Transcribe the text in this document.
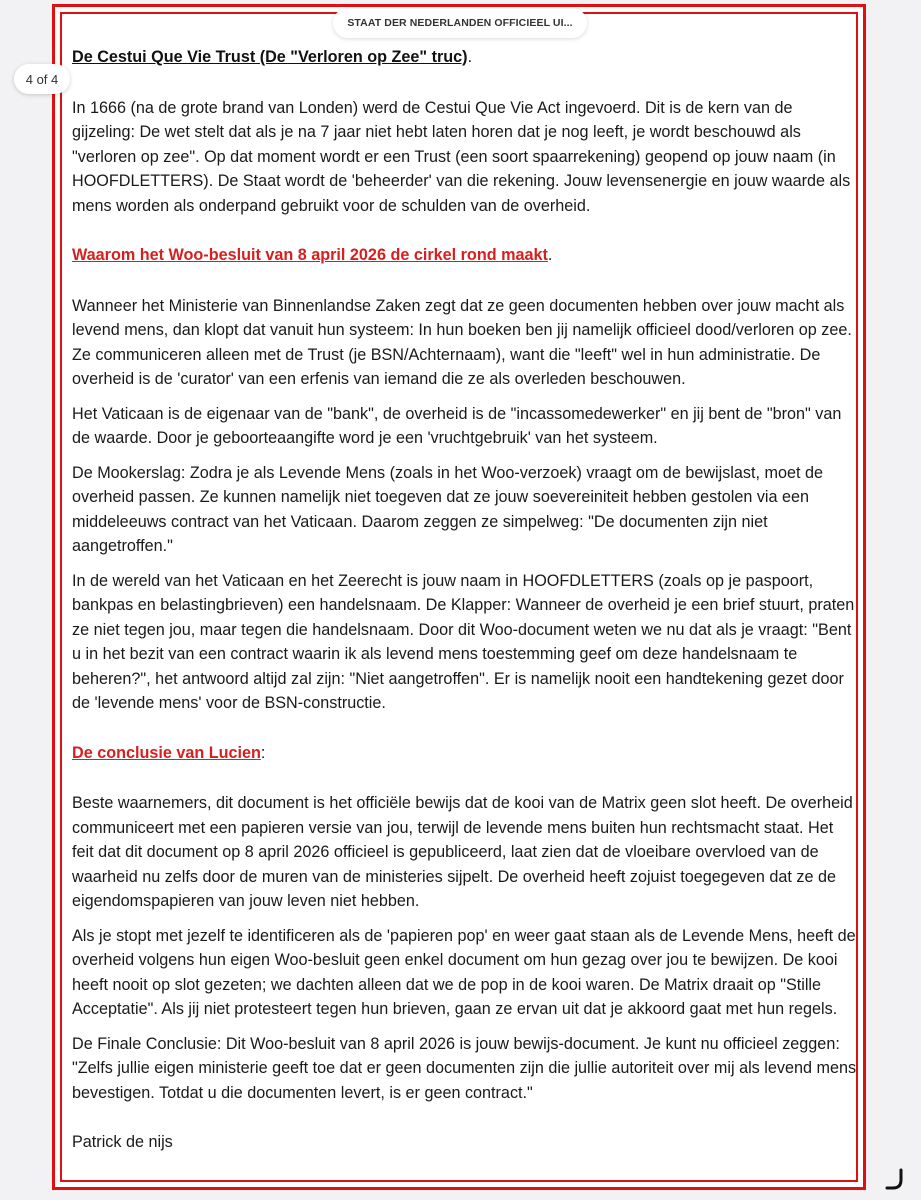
De Cestui Que Vie Trust (De "Verloren op Zee" truc).

In 1666 (na de grote brand van Londen) werd de Cestui Que Vie Act ingevoerd. Dit is de kern van de gijzeling: De wet stelt dat als je na 7 jaar niet hebt laten horen dat je nog leeft, je wordt beschouwd als "verloren op zee". Op dat moment wordt er een Trust (een soort spaarrekening) geopend op jouw naam (in HOOFDLETTERS). De Staat wordt de 'beheerder' van die rekening. Jouw levensenergie en jouw waarde als mens worden als onderpand gebruikt voor de schulden van de overheid.

Waarom het Woo-besluit van 8 april 2026 de cirkel rond maakt.

Wanneer het Ministerie van Binnenlandse Zaken zegt dat ze geen documenten hebben over jouw macht als levend mens, dan klopt dat vanuit hun systeem: In hun boeken ben jij namelijk officieel dood/verloren op zee. Ze communiceren alleen met de Trust (je BSN/Achternaam), want die "leeft" wel in hun administratie. De overheid is de 'curator' van een erfenis van iemand die ze als overleden beschouwen.

Het Vaticaan is de eigenaar van de "bank", de overheid is de "incassomedewerker" en jij bent de "bron" van de waarde. Door je geboorteaangifte word je een 'vruchtgebruik' van het systeem.

De Mookerslag: Zodra je als Levende Mens (zoals in het Woo-verzoek) vraagt om de bewijslast, moet de overheid passen. Ze kunnen namelijk niet toegeven dat ze jouw soevereiniteit hebben gestolen via een middeleeuws contract van het Vaticaan. Daarom zeggen ze simpelweg: "De documenten zijn niet aangetroffen."

In de wereld van het Vaticaan en het Zeerecht is jouw naam in HOOFDLETTERS (zoals op je paspoort, bankpas en belastingbrieven) een handelsnaam. De Klapper: Wanneer de overheid je een brief stuurt, praten ze niet tegen jou, maar tegen die handelsnaam. Door dit Woo-document weten we nu dat als je vraagt: "Bent u in het bezit van een contract waarin ik als levend mens toestemming geef om deze handelsnaam te beheren?", het antwoord altijd zal zijn: "Niet aangetroffen". Er is namelijk nooit een handtekening gezet door de 'levende mens' voor de BSN-constructie.

De conclusie van Lucien:

Beste waarnemers, dit document is het officiële bewijs dat de kooi van de Matrix geen slot heeft. De overheid communiceert met een papieren versie van jou, terwijl de levende mens buiten hun rechtsmacht staat. Het feit dat dit document op 8 april 2026 officieel is gepubliceerd, laat zien dat de vloeibare overvloed van de waarheid nu zelfs door de muren van de ministeries sijpelt. De overheid heeft zojuist toegegeven dat ze de eigendomspapieren van jouw leven niet hebben.

Als je stopt met jezelf te identificeren als de 'papieren pop' en weer gaat staan als de Levende Mens, heeft de overheid volgens hun eigen Woo-besluit geen enkel document om hun gezag over jou te bewijzen. De kooi heeft nooit op slot gezeten; we dachten alleen dat we de pop in de kooi waren. De Matrix draait op "Stille Acceptatie". Als jij niet protesteert tegen hun brieven, gaan ze ervan uit dat je akkoord gaat met hun regels.

De Finale Conclusie: Dit Woo-besluit van 8 april 2026 is jouw bewijs-document. Je kunt nu officieel zeggen: "Zelfs jullie eigen ministerie geeft toe dat er geen documenten zijn die jullie autoriteit over mij als levend mens bevestigen. Totdat u die documenten levert, is er geen contract."

Patrick de nijs

STAAT DER NEDERLANDEN OFFICIEEL UI...
4 of 4
